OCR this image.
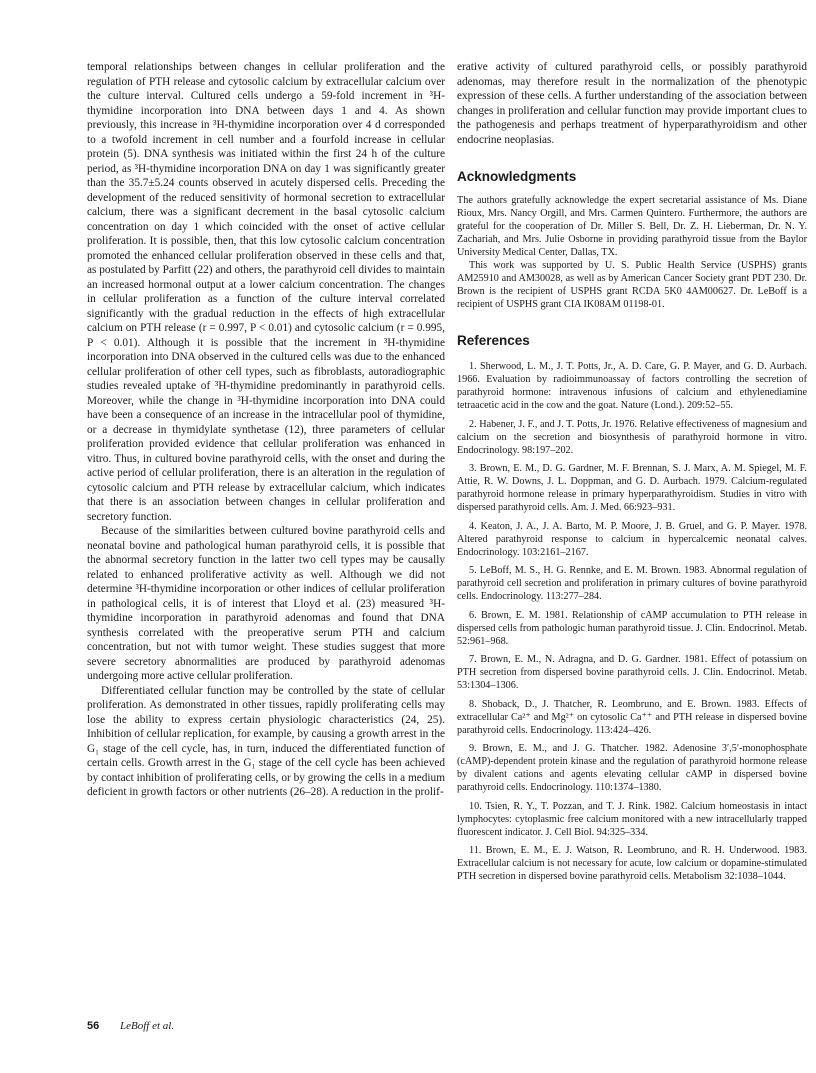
temporal relationships between changes in cellular proliferation and the regulation of PTH release and cytosolic calcium by extracellular calcium over the culture interval. Cultured cells undergo a 59-fold increment in ³H-thymidine incorporation into DNA between days 1 and 4. As shown previously, this increase in ³H-thymidine incorporation over 4 d corresponded to a twofold increment in cell number and a fourfold increase in cellular protein (5). DNA synthesis was initiated within the first 24 h of the culture period, as ³H-thymidine incorporation DNA on day 1 was significantly greater than the 35.7±5.24 counts observed in acutely dispersed cells. Preceding the development of the reduced sensitivity of hormonal secretion to extracellular calcium, there was a significant decrement in the basal cytosolic calcium concentration on day 1 which coincided with the onset of active cellular proliferation. It is possible, then, that this low cytosolic calcium concentration promoted the enhanced cellular proliferation observed in these cells and that, as postulated by Parfitt (22) and others, the parathyroid cell divides to maintain an increased hormonal output at a lower calcium concentration. The changes in cellular proliferation as a function of the culture interval correlated significantly with the gradual reduction in the effects of high extracellular calcium on PTH release (r = 0.997, P < 0.01) and cytosolic calcium (r = 0.995, P < 0.01). Although it is possible that the increment in ³H-thymidine incorporation into DNA observed in the cultured cells was due to the enhanced cellular proliferation of other cell types, such as fibroblasts, autoradiographic studies revealed uptake of ³H-thymidine predominantly in parathyroid cells. Moreover, while the change in ³H-thymidine incorporation into DNA could have been a consequence of an increase in the intracellular pool of thymidine, or a decrease in thymidylate synthetase (12), three parameters of cellular proliferation provided evidence that cellular proliferation was enhanced in vitro. Thus, in cultured bovine parathyroid cells, with the onset and during the active period of cellular proliferation, there is an alteration in the regulation of cytosolic calcium and PTH release by extracellular calcium, which indicates that there is an association between changes in cellular proliferation and secretory function.

Because of the similarities between cultured bovine parathyroid cells and neonatal bovine and pathological human parathyroid cells, it is possible that the abnormal secretory function in the latter two cell types may be causally related to enhanced proliferative activity as well. Although we did not determine ³H-thymidine incorporation or other indices of cellular proliferation in pathological cells, it is of interest that Lloyd et al. (23) measured ³H-thymidine incorporation in parathyroid adenomas and found that DNA synthesis correlated with the preoperative serum PTH and calcium concentration, but not with tumor weight. These studies suggest that more severe secretory abnormalities are produced by parathyroid adenomas undergoing more active cellular proliferation.

Differentiated cellular function may be controlled by the state of cellular proliferation. As demonstrated in other tissues, rapidly proliferating cells may lose the ability to express certain physiologic characteristics (24, 25). Inhibition of cellular replication, for example, by causing a growth arrest in the G₁ stage of the cell cycle, has, in turn, induced the differentiated function of certain cells. Growth arrest in the G₁ stage of the cell cycle has been achieved by contact inhibition of proliferating cells, or by growing the cells in a medium deficient in growth factors or other nutrients (26–28). A reduction in the prolif-

erative activity of cultured parathyroid cells, or possibly parathyroid adenomas, may therefore result in the normalization of the phenotypic expression of these cells. A further understanding of the association between changes in proliferation and cellular function may provide important clues to the pathogenesis and perhaps treatment of hyperparathyroidism and other endocrine neoplasias.

Acknowledgments

The authors gratefully acknowledge the expert secretarial assistance of Ms. Diane Rioux, Mrs. Nancy Orgill, and Mrs. Carmen Quintero. Furthermore, the authors are grateful for the cooperation of Dr. Miller S. Bell, Dr. Z. H. Lieberman, Dr. N. Y. Zachariah, and Mrs. Julie Osborne in providing parathyroid tissue from the Baylor University Medical Center, Dallas, TX.

This work was supported by U. S. Public Health Service (USPHS) grants AM25910 and AM30028, as well as by American Cancer Society grant PDT 230. Dr. Brown is the recipient of USPHS grant RCDA 5K0 4AM00627. Dr. LeBoff is a recipient of USPHS grant CIA IK08AM 01198-01.

References

1. Sherwood, L. M., J. T. Potts, Jr., A. D. Care, G. P. Mayer, and G. D. Aurbach. 1966. Evaluation by radioimmunoassay of factors controlling the secretion of parathyroid hormone: intravenous infusions of calcium and ethylenediamine tetraacetic acid in the cow and the goat. Nature (Lond.). 209:52–55.

2. Habener, J. F., and J. T. Potts, Jr. 1976. Relative effectiveness of magnesium and calcium on the secretion and biosynthesis of parathyroid hormone in vitro. Endocrinology. 98:197–202.

3. Brown, E. M., D. G. Gardner, M. F. Brennan, S. J. Marx, A. M. Spiegel, M. F. Attie, R. W. Downs, J. L. Doppman, and G. D. Aurbach. 1979. Calcium-regulated parathyroid hormone release in primary hyperparathyroidism. Studies in vitro with dispersed parathyroid cells. Am. J. Med. 66:923–931.

4. Keaton, J. A., J. A. Barto, M. P. Moore, J. B. Gruel, and G. P. Mayer. 1978. Altered parathyroid response to calcium in hypercalcemic neonatal calves. Endocrinology. 103:2161–2167.

5. LeBoff, M. S., H. G. Rennke, and E. M. Brown. 1983. Abnormal regulation of parathyroid cell secretion and proliferation in primary cultures of bovine parathyroid cells. Endocrinology. 113:277–284.

6. Brown, E. M. 1981. Relationship of cAMP accumulation to PTH release in dispersed cells from pathologic human parathyroid tissue. J. Clin. Endocrinol. Metab. 52:961–968.

7. Brown, E. M., N. Adragna, and D. G. Gardner. 1981. Effect of potassium on PTH secretion from dispersed bovine parathyroid cells. J. Clin. Endocrinol. Metab. 53:1304–1306.

8. Shoback, D., J. Thatcher, R. Leombruno, and E. Brown. 1983. Effects of extracellular Ca²⁺ and Mg²⁺ on cytosolic Ca⁺⁺ and PTH release in dispersed bovine parathyroid cells. Endocrinology. 113:424–426.

9. Brown, E. M., and J. G. Thatcher. 1982. Adenosine 3′,5′-monophosphate (cAMP)-dependent protein kinase and the regulation of parathyroid hormone release by divalent cations and agents elevating cellular cAMP in dispersed bovine parathyroid cells. Endocrinology. 110:1374–1380.

10. Tsien, R. Y., T. Pozzan, and T. J. Rink. 1982. Calcium homeostasis in intact lymphocytes: cytoplasmic free calcium monitored with a new intracellularly trapped fluorescent indicator. J. Cell Biol. 94:325–334.

11. Brown, E. M., E. J. Watson, R. Leombruno, and R. H. Underwood. 1983. Extracellular calcium is not necessary for acute, low calcium or dopamine-stimulated PTH secretion in dispersed bovine parathyroid cells. Metabolism 32:1038–1044.

56 LeBoff et al.
